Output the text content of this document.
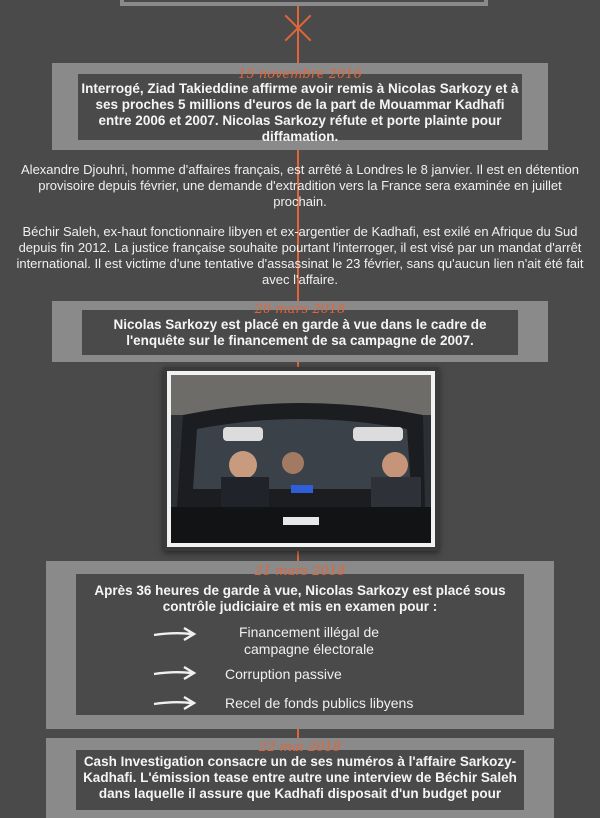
15 novembre 2016
Interrogé, Ziad Takieddine affirme avoir remis à Nicolas Sarkozy et à ses proches 5 millions d'euros de la part de Mouammar Kadhafi entre 2006 et 2007. Nicolas Sarkozy réfute et porte plainte pour diffamation.
Alexandre Djouhri, homme d'affaires français, est arrêté à Londres le 8 janvier. Il est en détention provisoire depuis février, une demande d'extradition vers la France sera examinée en juillet prochain.
Béchir Saleh, ex-haut fonctionnaire libyen et ex-argentier de Kadhafi, est exilé en Afrique du Sud depuis fin 2012. La justice française souhaite pourtant l'interroger, il est visé par un mandat d'arrêt international. Il est victime d'une tentative d'assassinat le 23 février, sans qu'aucun lien n'ait été fait avec l'affaire.
20 mars 2018
Nicolas Sarkozy est placé en garde à vue dans le cadre de l'enquête sur le financement de sa campagne de 2007.
21 mars 2018
Après 36 heures de garde à vue, Nicolas Sarkozy est placé sous contrôle judiciaire et mis en examen pour :
Financement illégal de campagne électorale
Corruption passive
Recel de fonds publics libyens
22 mai 2018
Cash Investigation consacre un de ses numéros à l'affaire Sarkozy-Kadhafi. L'émission tease entre autre une interview de Béchir Saleh dans laquelle il assure que Kadhafi disposait d'un budget pour
